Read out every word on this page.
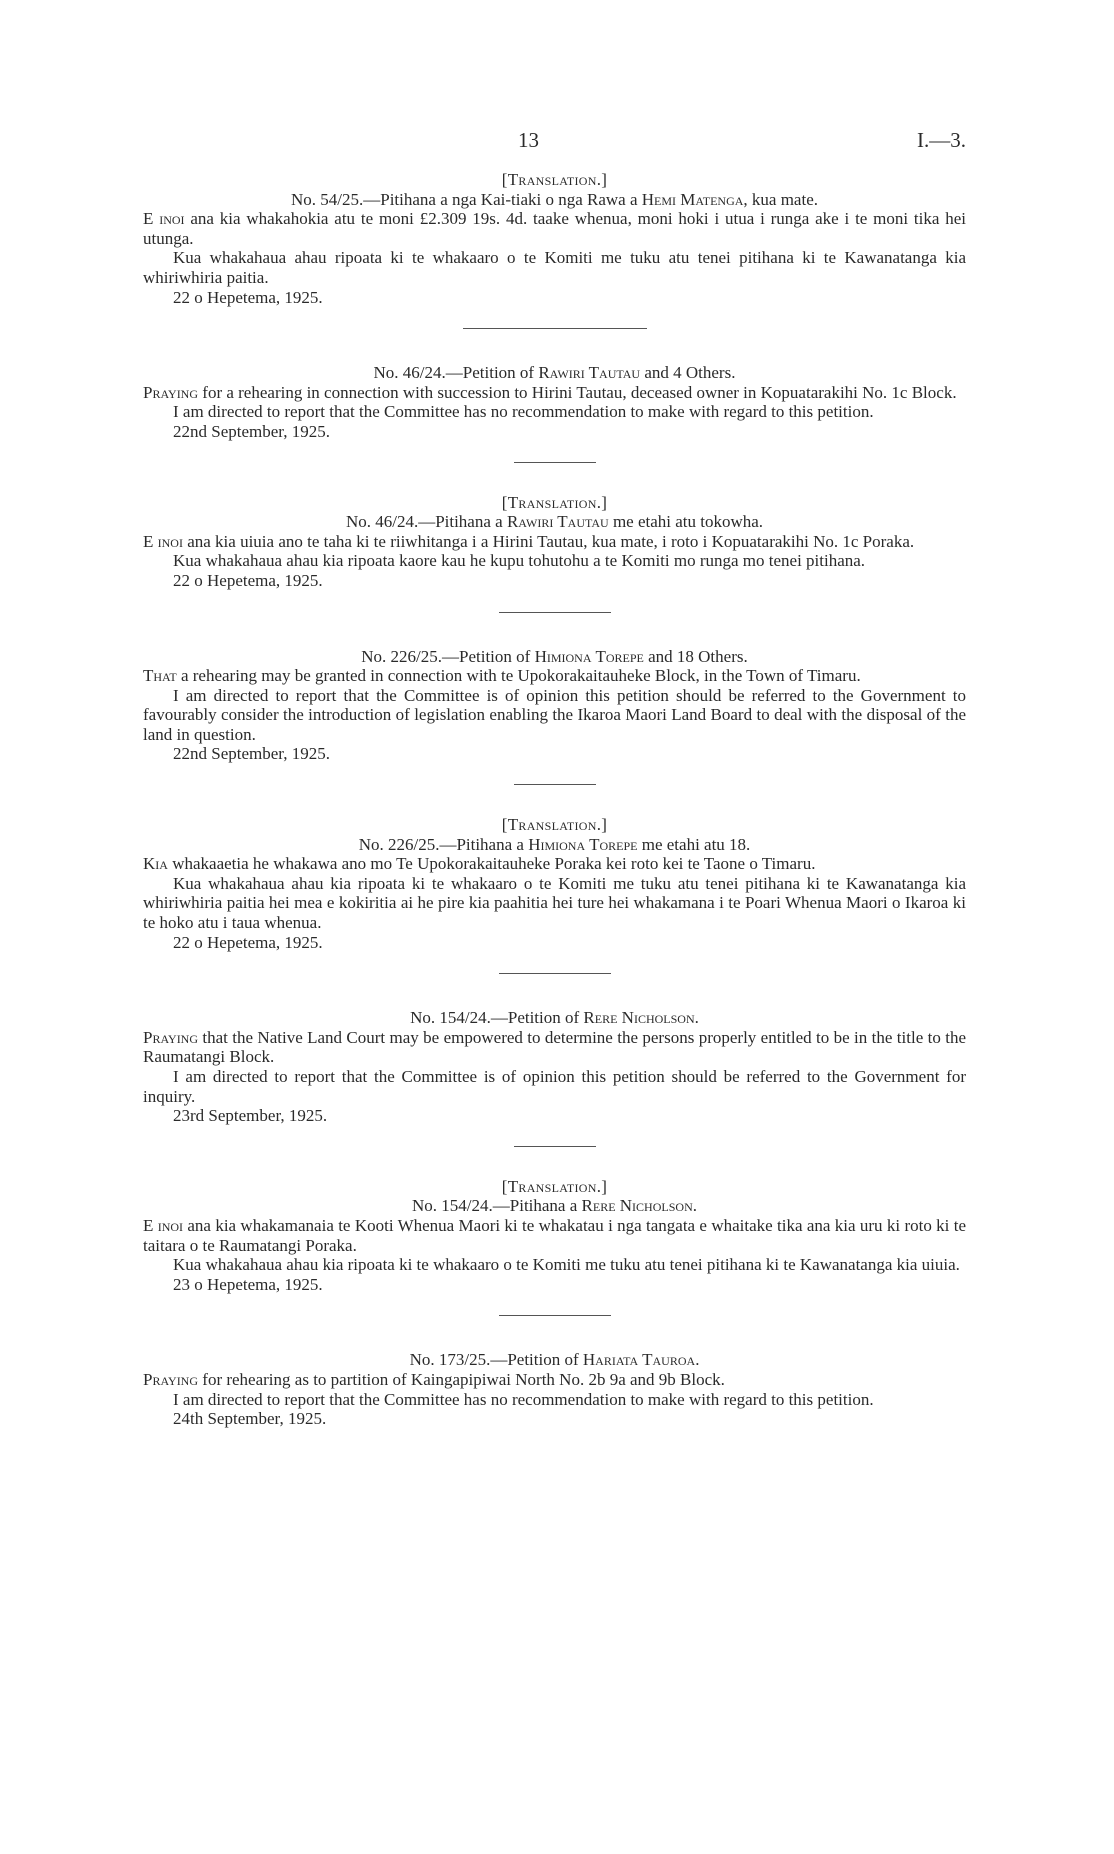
13	I.—3.

[Translation.]

No. 54/25.—Pitihana a nga Kai-tiaki o nga Rawa a Hemi Matenga, kua mate.

E inoi ana kia whakahokia atu te moni £2.309 19s. 4d. taake whenua, moni hoki i utua i runga ake i te moni tika hei utunga.

Kua whakahaua ahau ripoata ki te whakaaro o te Komiti me tuku atu tenei pitihana ki te Kawanatanga kia whiriwhiria paitia.

22 o Hepetema, 1925.

No. 46/24.—Petition of Rawiri Tautau and 4 Others.

Praying for a rehearing in connection with succession to Hirini Tautau, deceased owner in Kopuatarakihi No. 1c Block.

I am directed to report that the Committee has no recommendation to make with regard to this petition.

22nd September, 1925.

[Translation.]

No. 46/24.—Pitihana a Rawiri Tautau me etahi atu tokowha.

E inoi ana kia uiuia ano te taha ki te riiwhitanga i a Hirini Tautau, kua mate, i roto i Kopuatarakihi No. 1c Poraka.

Kua whakahaua ahau kia ripoata kaore kau he kupu tohutohu a te Komiti mo runga mo tenei pitihana.

22 o Hepetema, 1925.

No. 226/25.—Petition of Himiona Torepe and 18 Others.

That a rehearing may be granted in connection with te Upokorakaitauheke Block, in the Town of Timaru.

I am directed to report that the Committee is of opinion this petition should be referred to the Government to favourably consider the introduction of legislation enabling the Ikaroa Maori Land Board to deal with the disposal of the land in question.

22nd September, 1925.

[Translation.]

No. 226/25.—Pitihana a Himiona Torepe me etahi atu 18.

Kia whakaaetia he whakawa ano mo Te Upokorakaitauheke Poraka kei roto kei te Taone o Timaru.

Kua whakahaua ahau kia ripoata ki te whakaaro o te Komiti me tuku atu tenei pitihana ki te Kawanatanga kia whiriwhiria paitia hei mea e kokiritia ai he pire kia paahitia hei ture hei whakamana i te Poari Whenua Maori o Ikaroa ki te hoko atu i taua whenua.

22 o Hepetema, 1925.

No. 154/24.—Petition of Rere Nicholson.

Praying that the Native Land Court may be empowered to determine the persons properly entitled to be in the title to the Raumatangi Block.

I am directed to report that the Committee is of opinion this petition should be referred to the Government for inquiry.

23rd September, 1925.

[Translation.]

No. 154/24.—Pitihana a Rere Nicholson.

E inoi ana kia whakamanaia te Kooti Whenua Maori ki te whakatau i nga tangata e whaitake tika ana kia uru ki roto ki te taitara o te Raumatangi Poraka.

Kua whakahaua ahau kia ripoata ki te whakaaro o te Komiti me tuku atu tenei pitihana ki te Kawanatanga kia uiuia.

23 o Hepetema, 1925.

No. 173/25.—Petition of Hariata Tauroa.

Praying for rehearing as to partition of Kaingapipiwai North No. 2b 9a and 9b Block.

I am directed to report that the Committee has no recommendation to make with regard to this petition.

24th September, 1925.
